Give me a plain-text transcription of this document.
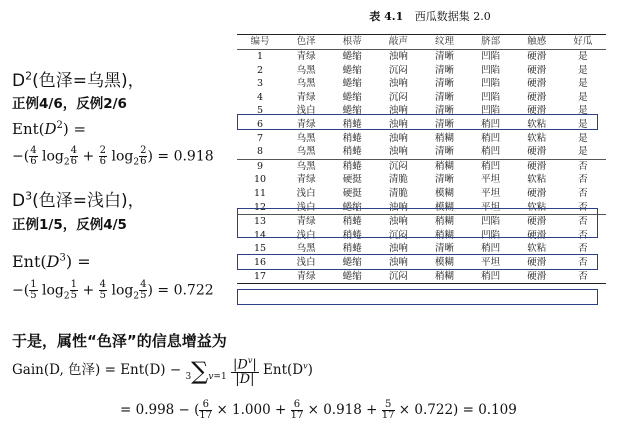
表 4.1 西瓜数据集 2.0
编号	色泽	根蒂	敲声	纹理	脐部	触感	好瓜
1	青绿	蜷缩	浊响	清晰	凹陷	硬滑	是
2	乌黑	蜷缩	沉闷	清晰	凹陷	硬滑	是
3	乌黑	蜷缩	浊响	清晰	凹陷	硬滑	是
4	青绿	蜷缩	沉闷	清晰	凹陷	硬滑	是
5	浅白	蜷缩	浊响	清晰	凹陷	硬滑	是
6	青绿	稍蜷	浊响	清晰	稍凹	软粘	是
7	乌黑	稍蜷	浊响	稍糊	稍凹	软粘	是
8	乌黑	稍蜷	浊响	清晰	稍凹	硬滑	是
9	乌黑	稍蜷	沉闷	稍糊	稍凹	硬滑	否
10	青绿	硬挺	清脆	清晰	平坦	软粘	否
11	浅白	硬挺	清脆	模糊	平坦	硬滑	否
12	浅白	蜷缩	浊响	模糊	平坦	软粘	否
13	青绿	稍蜷	浊响	稍糊	凹陷	硬滑	否
14	浅白	稍蜷	沉闷	稍糊	凹陷	硬滑	否
15	乌黑	稍蜷	浊响	清晰	稍凹	软粘	否
16	浅白	蜷缩	浊响	模糊	平坦	硬滑	否
17	青绿	蜷缩	沉闷	稍糊	稍凹	硬滑	否
$D^2$(色泽=乌黑)，
正例4/6，反例2/6
$Ent(D^2)$ =
−( $\frac{4}{6} \log_2 \frac{4}{6} + \frac{2}{6} \log_2 \frac{2}{6}$ ) = 0.918
$D^3$(色泽=浅白)，
正例1/5，反例4/5
$Ent(D^3)$ =
−( $\frac{1}{5} \log_2 \frac{1}{5} + \frac{4}{5} \log_2 \frac{4}{5}$ ) = 0.722
于是，属性“色泽”的信息增益为
Gain(D, 色泽) = $Ent(D) - 3\sum v=1 \frac{|D^v|}{|D|} Ent(D^v)$
= 0.998 − ( $\frac{6}{17} \times 1.000 + \frac{6}{17} \times 0.918 + \frac{5}{17} \times 0.722) = 0.109$
